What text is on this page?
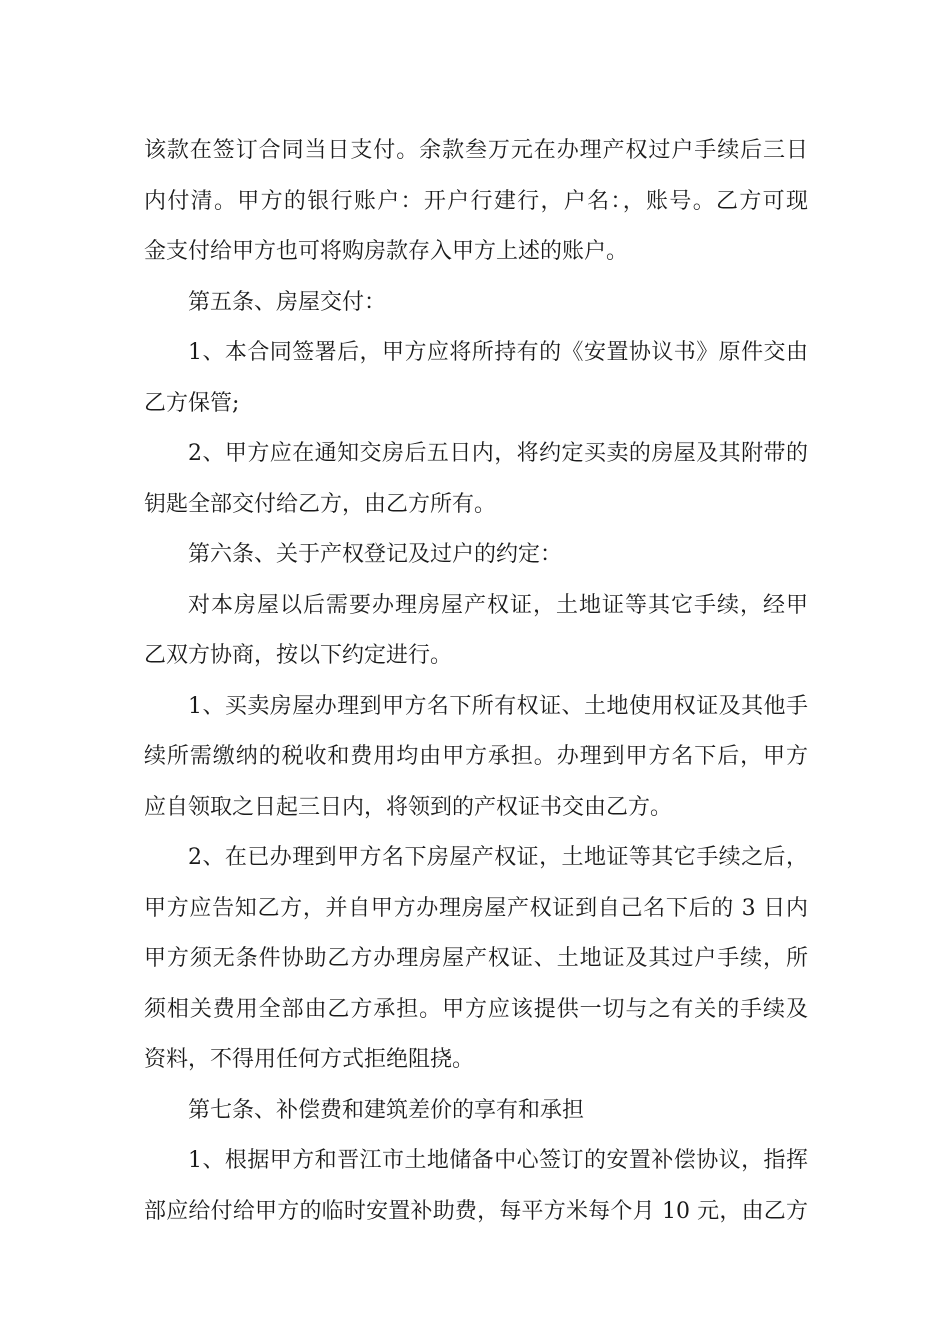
该款在签订合同当日支付。余款叁万元在办理产权过户手续后三日
内付清。甲方的银行账户：开户行建行，户名：，账号。乙方可现
金支付给甲方也可将购房款存入甲方上述的账户。
第五条、房屋交付：
1、本合同签署后，甲方应将所持有的《安置协议书》原件交由
乙方保管;
2、甲方应在通知交房后五日内，将约定买卖的房屋及其附带的
钥匙全部交付给乙方，由乙方所有。
第六条、关于产权登记及过户的约定：
对本房屋以后需要办理房屋产权证，土地证等其它手续，经甲
乙双方协商，按以下约定进行。
1、买卖房屋办理到甲方名下所有权证、土地使用权证及其他手
续所需缴纳的税收和费用均由甲方承担。办理到甲方名下后，甲方
应自领取之日起三日内，将领到的产权证书交由乙方。
2、在已办理到甲方名下房屋产权证，土地证等其它手续之后，
甲方应告知乙方，并自甲方办理房屋产权证到自己名下后的 3 日内
甲方须无条件协助乙方办理房屋产权证、土地证及其过户手续，所
须相关费用全部由乙方承担。甲方应该提供一切与之有关的手续及
资料，不得用任何方式拒绝阻挠。
第七条、补偿费和建筑差价的享有和承担
1、根据甲方和晋江市土地储备中心签订的安置补偿协议，指挥
部应给付给甲方的临时安置补助费，每平方米每个月 10 元，由乙方
